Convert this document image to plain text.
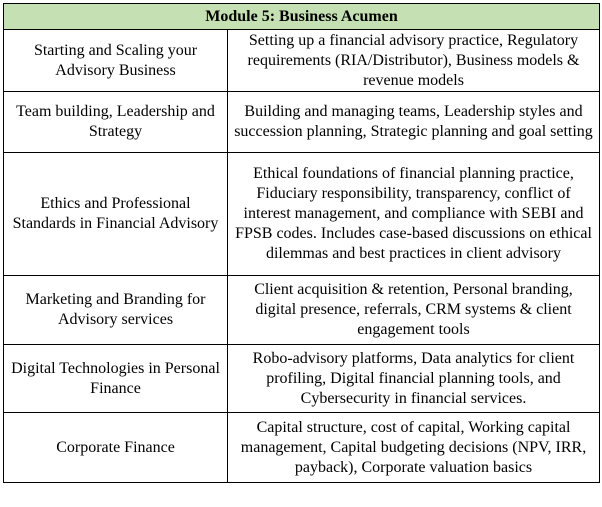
Module 5: Business Acumen	
Starting and Scaling your Advisory Business	Setting up a financial advisory practice, Regulatory requirements (RIA/Distributor), Business models & revenue models
Team building, Leadership and Strategy	Building and managing teams, Leadership styles and succession planning, Strategic planning and goal setting
Ethics and Professional Standards in Financial Advisory	Ethical foundations of financial planning practice, Fiduciary responsibility, transparency, conflict of interest management, and compliance with SEBI and FPSB codes. Includes case-based discussions on ethical dilemmas and best practices in client advisory
Marketing and Branding for Advisory services	Client acquisition & retention, Personal branding, digital presence, referrals, CRM systems & client engagement tools
Digital Technologies in Personal Finance	Robo-advisory platforms, Data analytics for client profiling, Digital financial planning tools, and Cybersecurity in financial services.
Corporate Finance	Capital structure, cost of capital, Working capital management, Capital budgeting decisions (NPV, IRR, payback), Corporate valuation basics
